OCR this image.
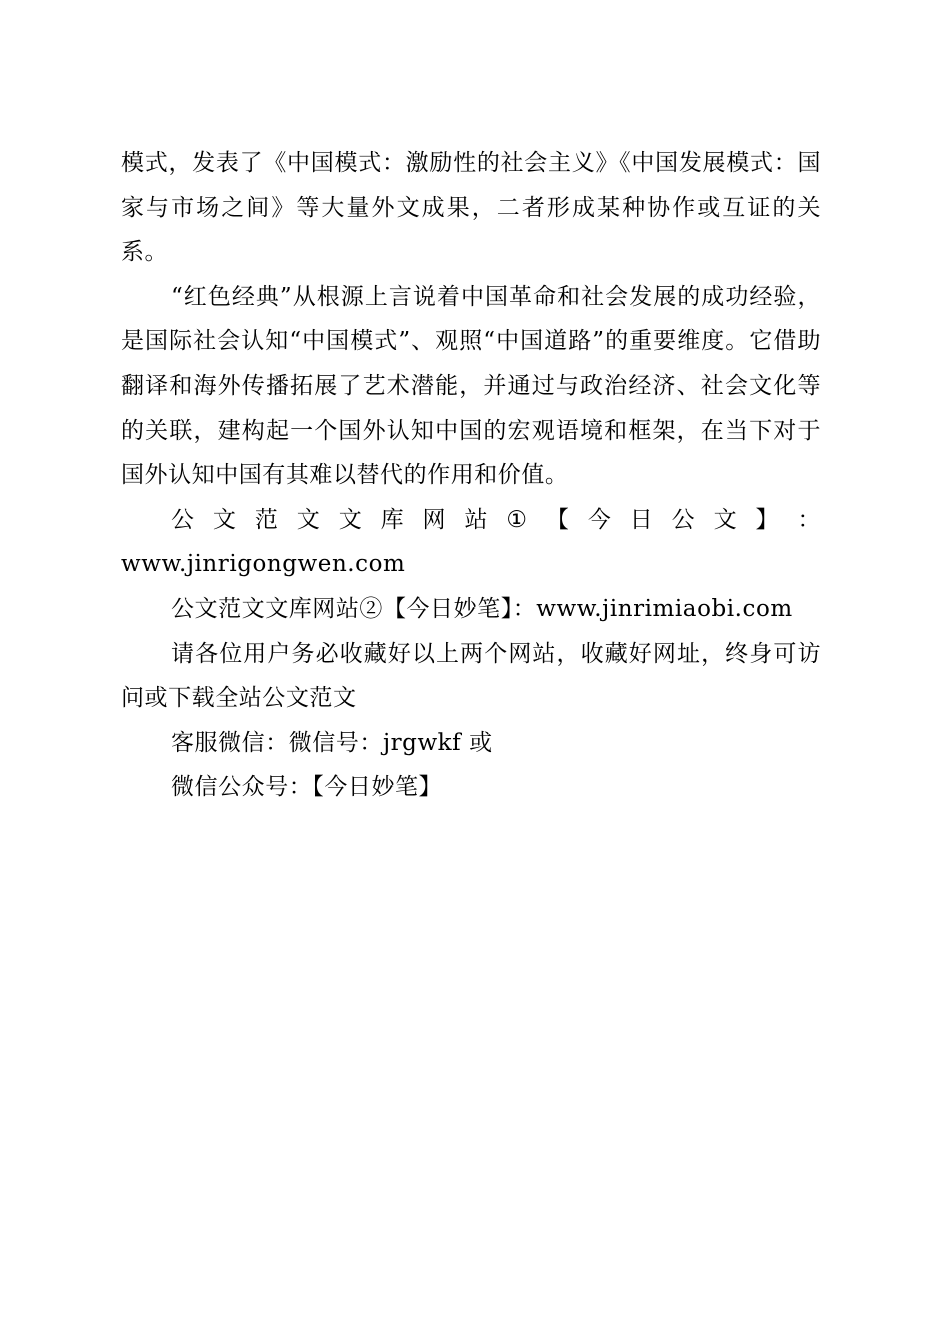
模式，发表了《中国模式：激励性的社会主义》《中国发展模式：国家与市场之间》等大量外文成果，二者形成某种协作或互证的关系。

“红色经典”从根源上言说着中国革命和社会发展的成功经验，是国际社会认知“中国模式”、观照“中国道路”的重要维度。它借助翻译和海外传播拓展了艺术潜能，并通过与政治经济、社会文化等的关联，建构起一个国外认知中国的宏观语境和框架，在当下对于国外认知中国有其难以替代的作用和价值。

公 文 范 文 文 库 网 站 ① 【 今 日 公 文 】 ：
www.jinrigongwen.com

公文范文文库网站②【今日妙笔】：www.jinrimiaobi.com

请各位用户务必收藏好以上两个网站，收藏好网址，终身可访问或下载全站公文范文

客服微信：微信号：jrgwkf 或

微信公众号：【今日妙笔】
